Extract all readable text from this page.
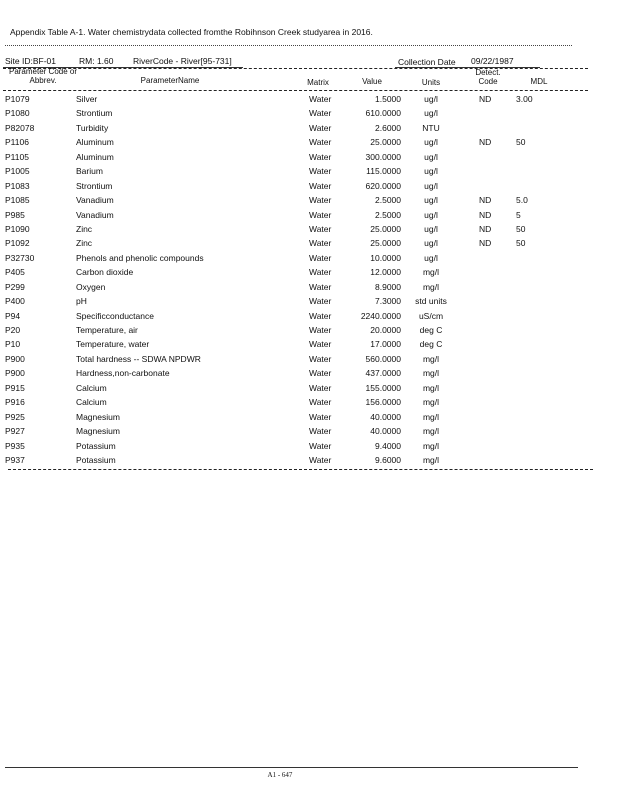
Appendix Table A-1. Water chemistrydata collected fromthe Robihnson Creek studyarea in 2016.
Site ID:BF-01	RM: 1.60 RiverCode - River[95-731]	Collection Date 09/22/1987
Parameter Code or Abbrev.	ParameterName	Matrix	Value	Units
Detect. Code	MDL
P1079	Silver	Water	1.5000	ug/l	ND	3.00
P1080	Strontium	Water	610.0000	ug/l
P82078	Turbidity	Water	2.6000	NTU
P1106	Aluminum	Water	25.0000	ug/l	ND	50
P1105	Aluminum	Water	300.0000	ug/l
P1005	Barium	Water	115.0000	ug/l
P1083	Strontium	Water	620.0000	ug/l
P1085	Vanadium	Water	2.5000	ug/l	ND	5.0
P985	Vanadium	Water	2.5000	ug/l	ND	5
P1090	Zinc	Water	25.0000	ug/l	ND	50
P1092	Zinc	Water	25.0000	ug/l	ND	50
P32730	Phenols and phenolic compounds	Water	10.0000	ug/l
P405	Carbon dioxide	Water	12.0000	mg/l
P299	Oxygen	Water	8.9000	mg/l
P400	pH	Water	7.3000 std units
P94	Specificconductance	Water	2240.0000	uS/cm
P20	Temperature, air	Water	20.0000	deg C
P10	Temperature, water	Water	17.0000	deg C
P900	Total hardness -- SDWA NPDWR	Water	560.0000	mg/l
P900	Hardness,non-carbonate	Water	437.0000	mg/l
P915	Calcium	Water	155.0000	mg/l
P916	Calcium	Water	156.0000	mg/l
P925	Magnesium	Water	40.0000	mg/l
P927	Magnesium	Water	40.0000	mg/l
P935	Potassium	Water	9.4000	mg/l
P937	Potassium	Water	9.6000	mg/l
A1 - 647
